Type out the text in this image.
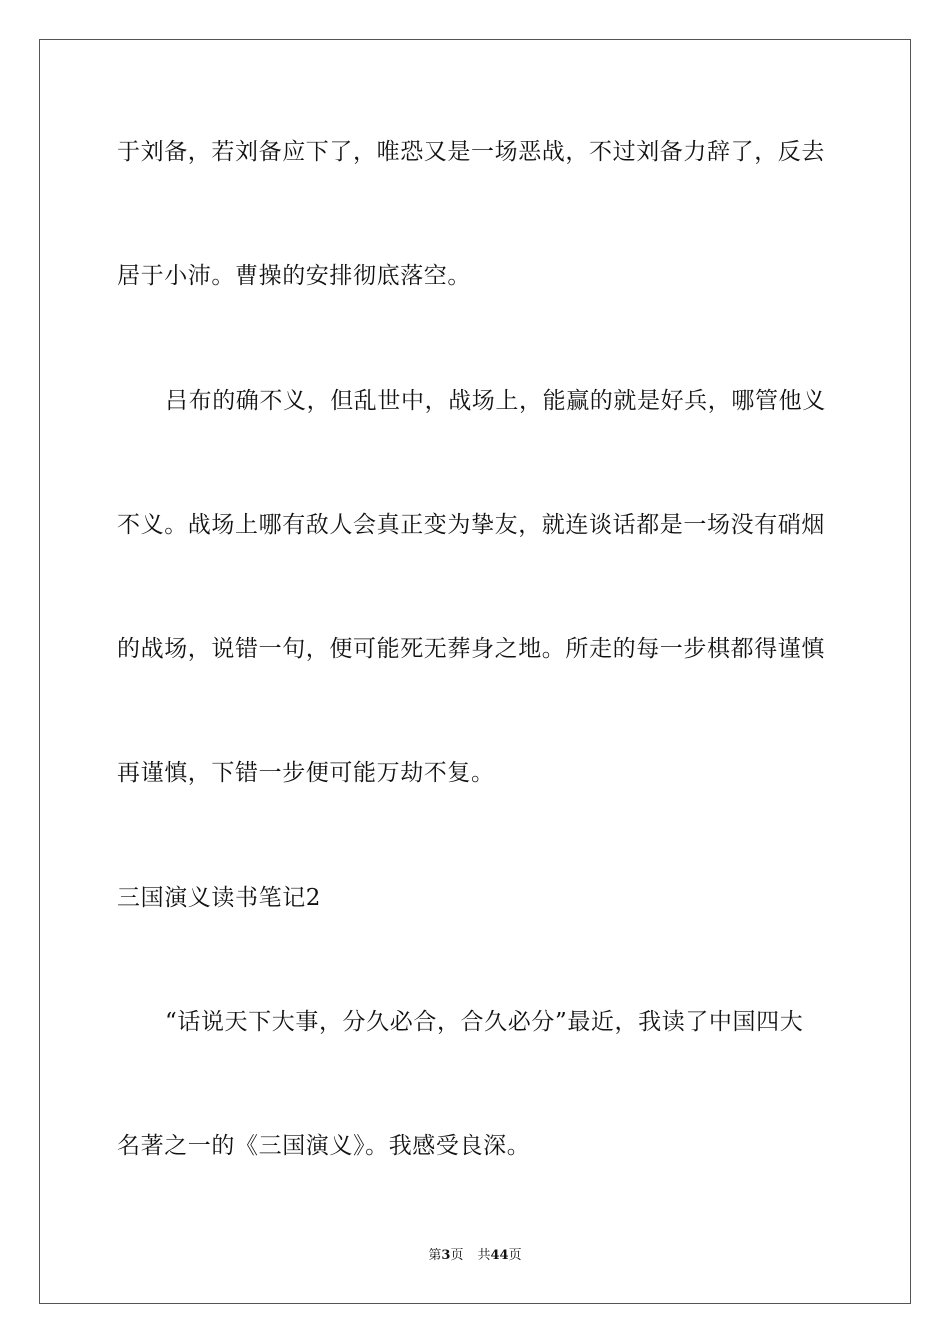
于刘备，若刘备应下了，唯恐又是一场恶战，不过刘备力辞了，反去
居于小沛。曹操的安排彻底落空。
吕布的确不义，但乱世中，战场上，能赢的就是好兵，哪管他义
不义。战场上哪有敌人会真正变为挚友，就连谈话都是一场没有硝烟
的战场，说错一句，便可能死无葬身之地。所走的每一步棋都得谨慎
再谨慎，下错一步便可能万劫不复。
三国演义读书笔记2
“话说天下大事，分久必合，合久必分”最近，我读了中国四大
名著之一的《三国演义》。我感受良深。
第3页 共44页
